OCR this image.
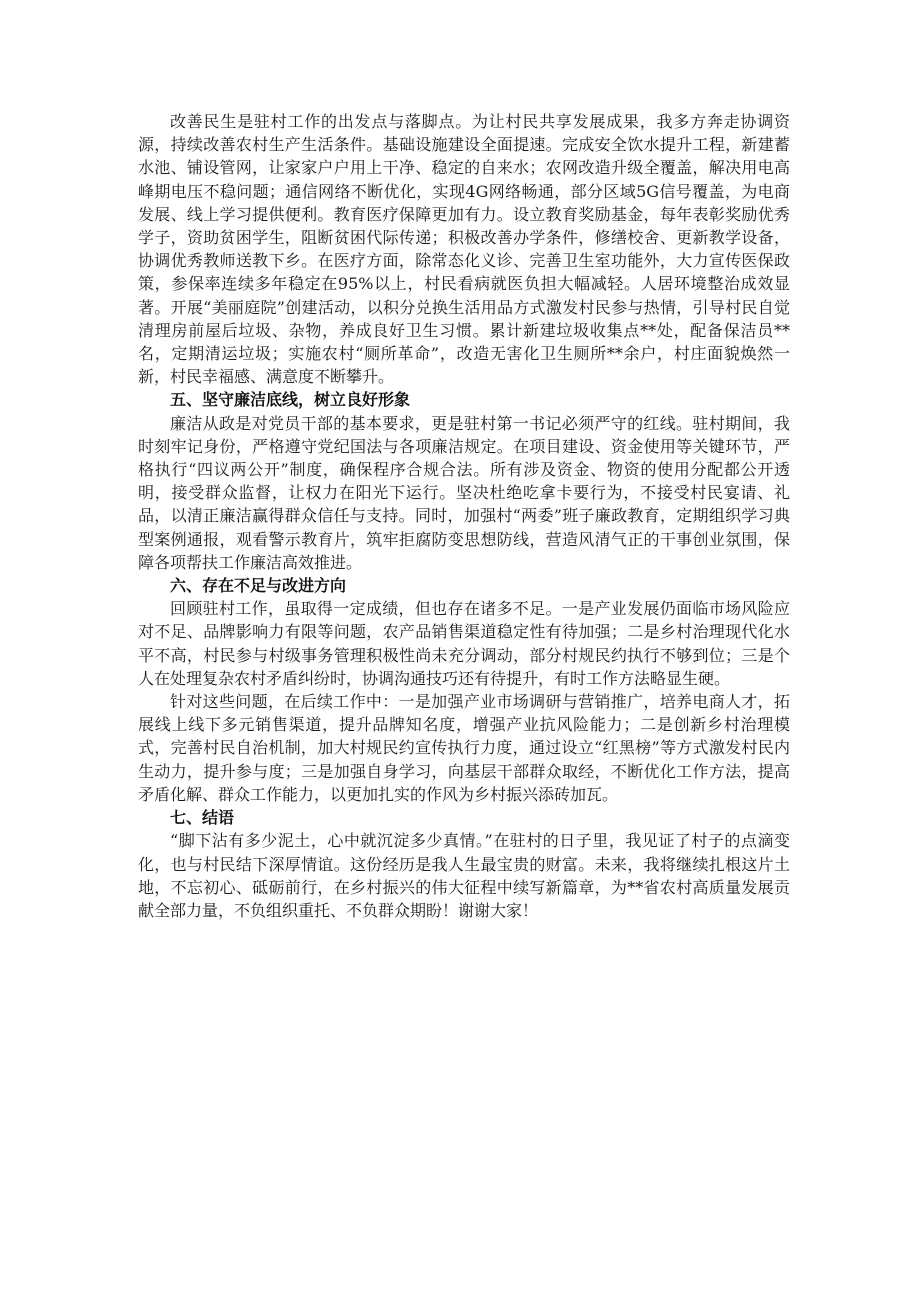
改善民生是驻村工作的出发点与落脚点。为让村民共享发展成果，我多方奔走协调资源，持续改善农村生产生活条件。基础设施建设全面提速。完成安全饮水提升工程，新建蓄水池、铺设管网，让家家户户用上干净、稳定的自来水；农网改造升级全覆盖，解决用电高峰期电压不稳问题；通信网络不断优化，实现4G网络畅通，部分区域5G信号覆盖，为电商发展、线上学习提供便利。教育医疗保障更加有力。设立教育奖励基金，每年表彰奖励优秀学子，资助贫困学生，阻断贫困代际传递；积极改善办学条件，修缮校舍、更新教学设备，协调优秀教师送教下乡。在医疗方面，除常态化义诊、完善卫生室功能外，大力宣传医保政策，参保率连续多年稳定在95%以上，村民看病就医负担大幅减轻。人居环境整治成效显著。开展“美丽庭院”创建活动，以积分兑换生活用品方式激发村民参与热情，引导村民自觉清理房前屋后垃圾、杂物，养成良好卫生习惯。累计新建垃圾收集点**处，配备保洁员**名，定期清运垃圾；实施农村“厕所革命”，改造无害化卫生厕所**余户，村庄面貌焕然一新，村民幸福感、满意度不断攀升。

五、坚守廉洁底线，树立良好形象

廉洁从政是对党员干部的基本要求，更是驻村第一书记必须严守的红线。驻村期间，我时刻牢记身份，严格遵守党纪国法与各项廉洁规定。在项目建设、资金使用等关键环节，严格执行“四议两公开”制度，确保程序合规合法。所有涉及资金、物资的使用分配都公开透明，接受群众监督，让权力在阳光下运行。坚决杜绝吃拿卡要行为，不接受村民宴请、礼品，以清正廉洁赢得群众信任与支持。同时，加强村“两委”班子廉政教育，定期组织学习典型案例通报，观看警示教育片，筑牢拒腐防变思想防线，营造风清气正的干事创业氛围，保障各项帮扶工作廉洁高效推进。

六、存在不足与改进方向

回顾驻村工作，虽取得一定成绩，但也存在诸多不足。一是产业发展仍面临市场风险应对不足、品牌影响力有限等问题，农产品销售渠道稳定性有待加强；二是乡村治理现代化水平不高，村民参与村级事务管理积极性尚未充分调动，部分村规民约执行不够到位；三是个人在处理复杂农村矛盾纠纷时，协调沟通技巧还有待提升，有时工作方法略显生硬。

针对这些问题，在后续工作中：一是加强产业市场调研与营销推广，培养电商人才，拓展线上线下多元销售渠道，提升品牌知名度，增强产业抗风险能力；二是创新乡村治理模式，完善村民自治机制，加大村规民约宣传执行力度，通过设立“红黑榜”等方式激发村民内生动力，提升参与度；三是加强自身学习，向基层干部群众取经，不断优化工作方法，提高矛盾化解、群众工作能力，以更加扎实的作风为乡村振兴添砖加瓦。

七、结语

“脚下沾有多少泥土，心中就沉淀多少真情。”在驻村的日子里，我见证了村子的点滴变化，也与村民结下深厚情谊。这份经历是我人生最宝贵的财富。未来，我将继续扎根这片土地，不忘初心、砥砺前行，在乡村振兴的伟大征程中续写新篇章，为**省农村高质量发展贡献全部力量，不负组织重托、不负群众期盼！谢谢大家！
